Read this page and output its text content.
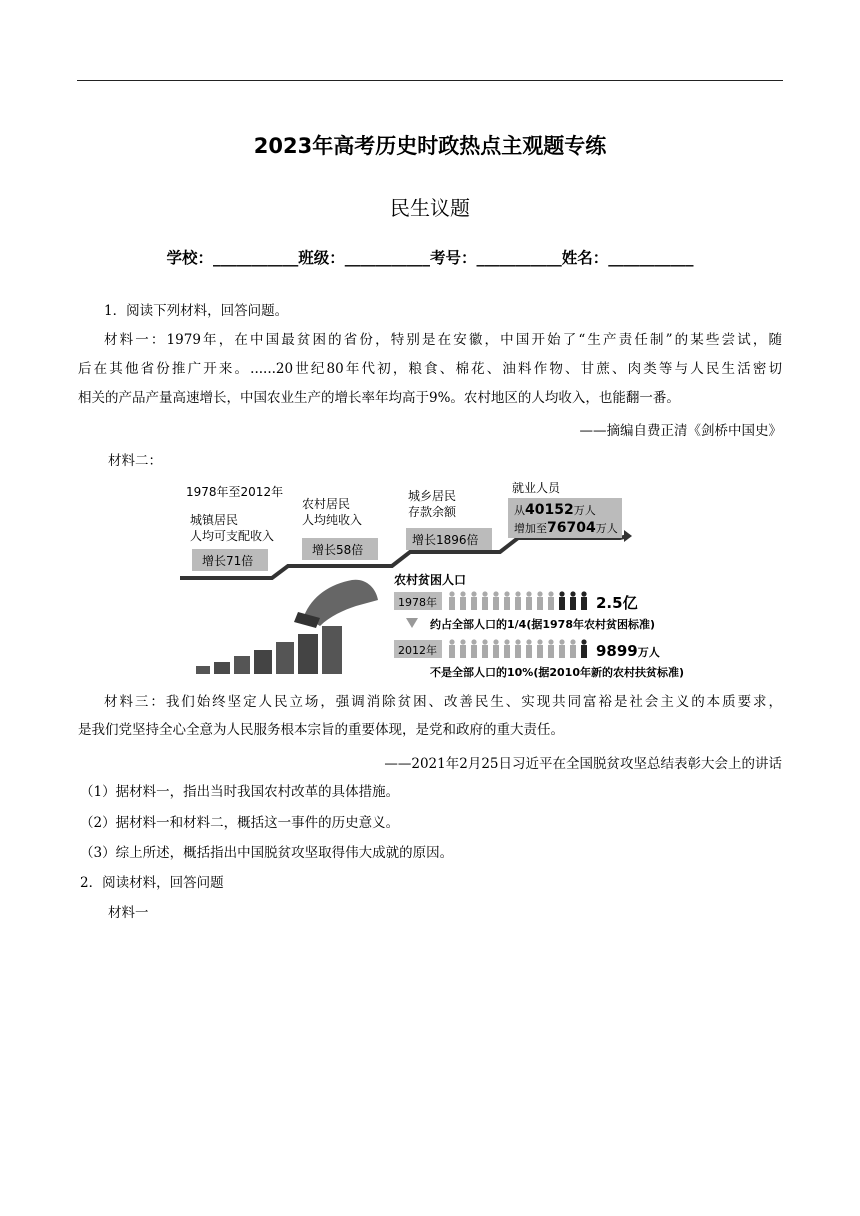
2023年高考历史时政热点主观题专练
民生议题
学校：___________班级：___________考号：___________姓名：___________
1．阅读下列材料，回答问题。
材料一：1979年，在中国最贫困的省份，特别是在安徽，中国开始了“生产责任制”的某些尝试，随
后在其他省份推广开来。......20世纪80年代初，粮食、棉花、油料作物、甘蔗、肉类等与人民生活密切
相关的产品产量高速增长，中国农业生产的增长率年均高于9%。农村地区的人均收入，也能翻一番。
——摘编自费正清《剑桥中国史》
材料二：
1978年至2012年
城镇居民
人均可支配收入
增长71倍
农村居民
人均纯收入
增长58倍
城乡居民
存款余额
增长1896倍
就业人员
从40152万人
增加至76704万人
农村贫困人口
1978年	2.5亿
约占全部人口的1/4(据1978年农村贫困标准)
2012年	9899万人
不是全部人口的10%(据2010年新的农村扶贫标准)
材料三：我们始终坚定人民立场，强调消除贫困、改善民生、实现共同富裕是社会主义的本质要求，
是我们党坚持全心全意为人民服务根本宗旨的重要体现，是党和政府的重大责任。
——2021年2月25日习近平在全国脱贫攻坚总结表彰大会上的讲话
（1）据材料一，指出当时我国农村改革的具体措施。
（2）据材料一和材料二，概括这一事件的历史意义。
（3）综上所述，概括指出中国脱贫攻坚取得伟大成就的原因。
2．阅读材料，回答问题
材料一
